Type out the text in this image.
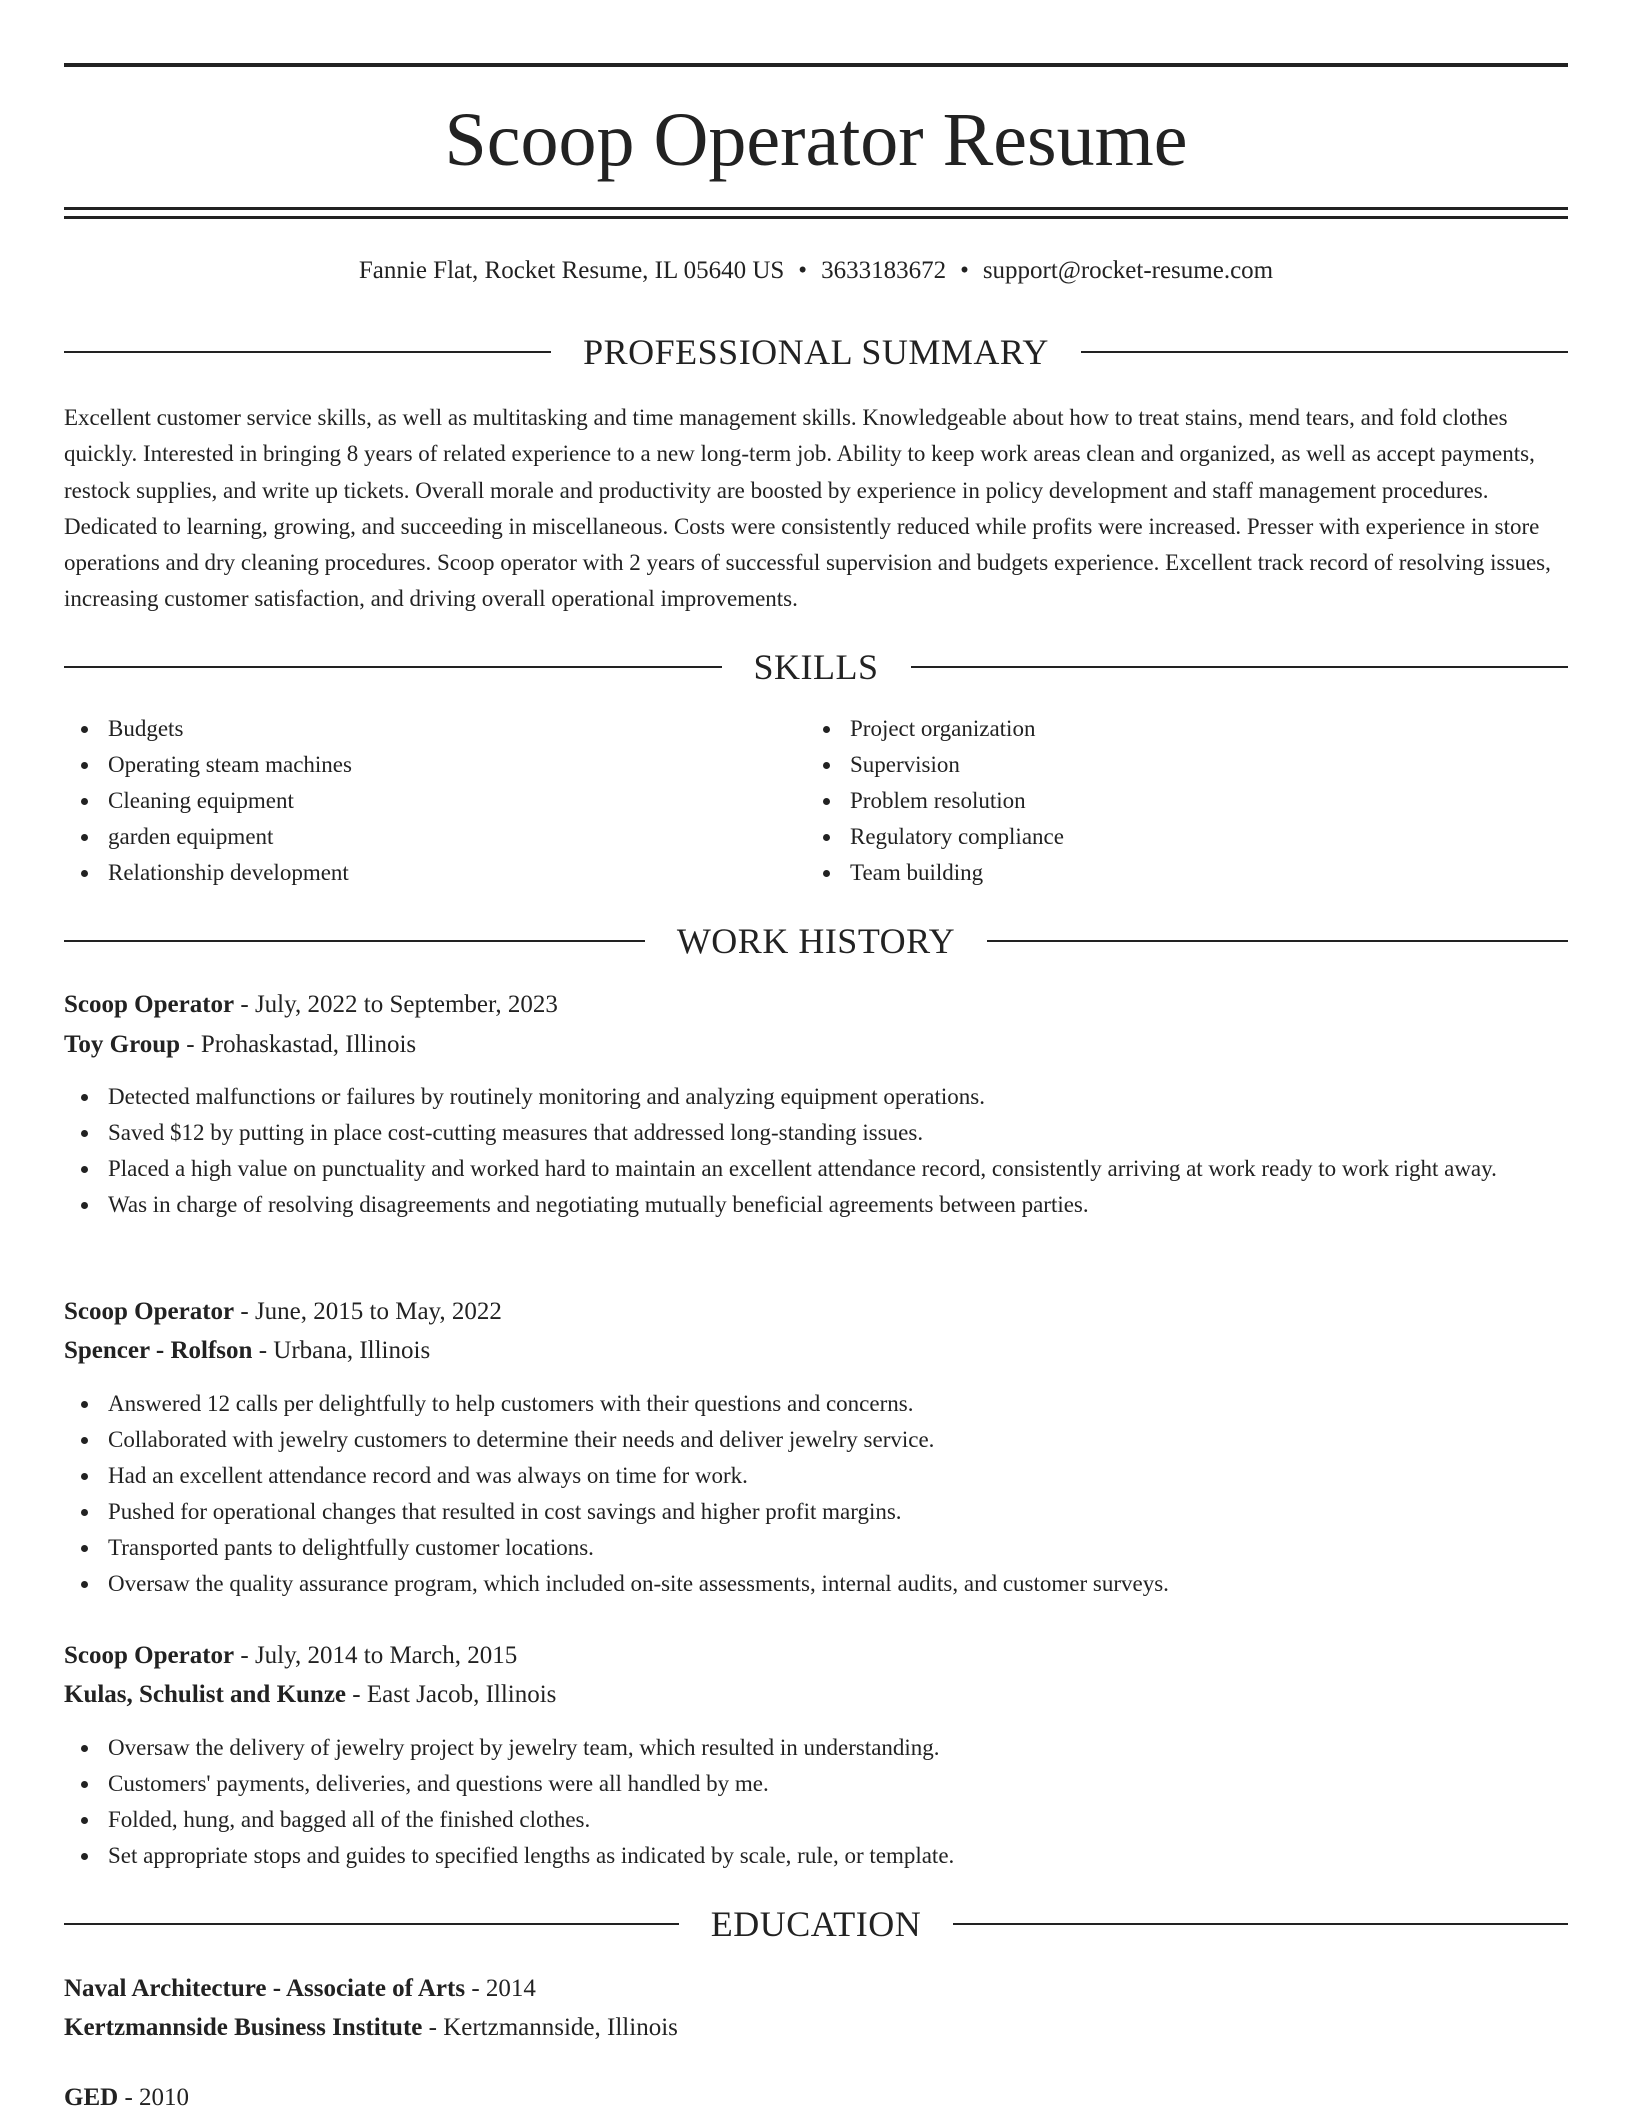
Scoop Operator Resume
Fannie Flat, Rocket Resume, IL 05640 US • 3633183672 • support@rocket-resume.com
PROFESSIONAL SUMMARY

Excellent customer service skills, as well as multitasking and time management skills. Knowledgeable about how to treat stains, mend tears, and fold clothes quickly. Interested in bringing 8 years of related experience to a new long-term job. Ability to keep work areas clean and organized, as well as accept payments, restock supplies, and write up tickets. Overall morale and productivity are boosted by experience in policy development and staff management procedures. Dedicated to learning, growing, and succeeding in miscellaneous. Costs were consistently reduced while profits were increased. Presser with experience in store operations and dry cleaning procedures. Scoop operator with 2 years of successful supervision and budgets experience. Excellent track record of resolving issues, increasing customer satisfaction, and driving overall operational improvements.

SKILLS
Budgets
Operating steam machines
Cleaning equipment
garden equipment
Relationship development
Project organization
Supervision
Problem resolution
Regulatory compliance
Team building
WORK HISTORY
Scoop Operator - July, 2022 to September, 2023
Toy Group - Prohaskastad, Illinois
Detected malfunctions or failures by routinely monitoring and analyzing equipment operations.
Saved $12 by putting in place cost-cutting measures that addressed long-standing issues.
Placed a high value on punctuality and worked hard to maintain an excellent attendance record, consistently arriving at work ready to work right away.
Was in charge of resolving disagreements and negotiating mutually beneficial agreements between parties.
Scoop Operator - June, 2015 to May, 2022
Spencer - Rolfson - Urbana, Illinois
Answered 12 calls per delightfully to help customers with their questions and concerns.
Collaborated with jewelry customers to determine their needs and deliver jewelry service.
Had an excellent attendance record and was always on time for work.
Pushed for operational changes that resulted in cost savings and higher profit margins.
Transported pants to delightfully customer locations.
Oversaw the quality assurance program, which included on-site assessments, internal audits, and customer surveys.
Scoop Operator - July, 2014 to March, 2015
Kulas, Schulist and Kunze - East Jacob, Illinois
Oversaw the delivery of jewelry project by jewelry team, which resulted in understanding.
Customers' payments, deliveries, and questions were all handled by me.
Folded, hung, and bagged all of the finished clothes.
Set appropriate stops and guides to specified lengths as indicated by scale, rule, or template.
EDUCATION
Naval Architecture - Associate of Arts - 2014
Kertzmannside Business Institute - Kertzmannside, Illinois
GED - 2010
